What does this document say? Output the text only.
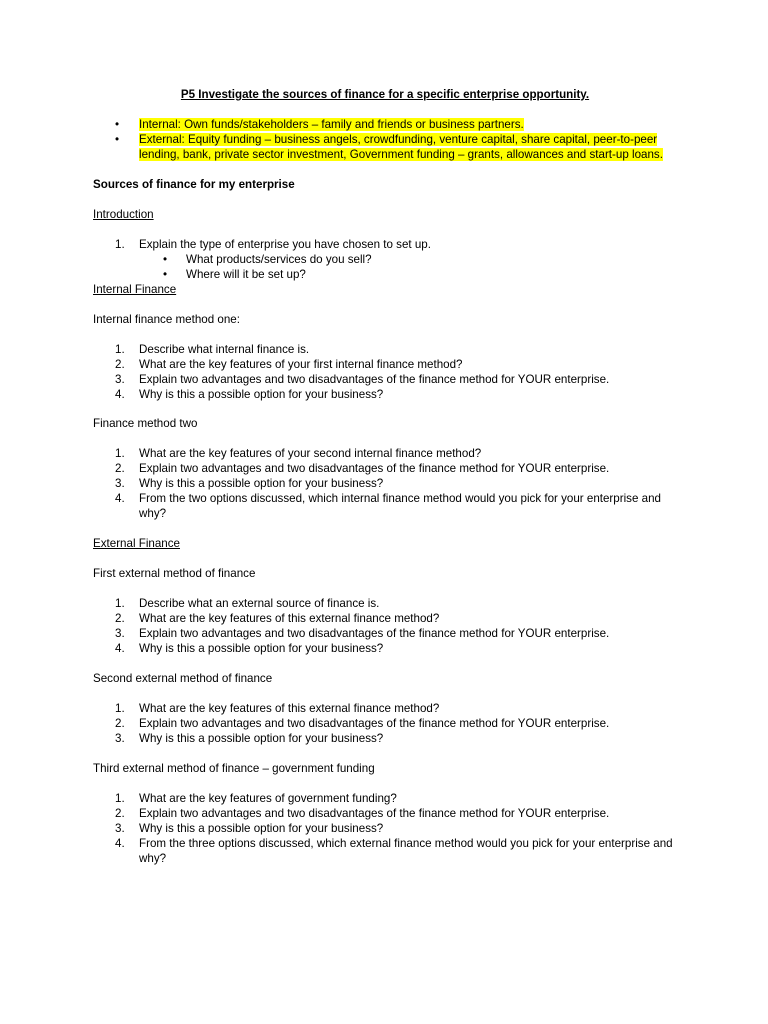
P5 Investigate the sources of finance for a specific enterprise opportunity.

• Internal: Own funds/stakeholders – family and friends or business partners.
• External: Equity funding – business angels, crowdfunding, venture capital, share capital, peer-to-peer lending, bank, private sector investment, Government funding – grants, allowances and start-up loans.

Sources of finance for my enterprise

Introduction

1. Explain the type of enterprise you have chosen to set up.
• What products/services do you sell?
• Where will it be set up?

Internal Finance

Internal finance method one:

1. Describe what internal finance is.
2. What are the key features of your first internal finance method?
3. Explain two advantages and two disadvantages of the finance method for YOUR enterprise.
4. Why is this a possible option for your business?

Finance method two

1. What are the key features of your second internal finance method?
2. Explain two advantages and two disadvantages of the finance method for YOUR enterprise.
3. Why is this a possible option for your business?
4. From the two options discussed, which internal finance method would you pick for your enterprise and why?

External Finance

First external method of finance

1. Describe what an external source of finance is.
2. What are the key features of this external finance method?
3. Explain two advantages and two disadvantages of the finance method for YOUR enterprise.
4. Why is this a possible option for your business?

Second external method of finance

1. What are the key features of this external finance method?
2. Explain two advantages and two disadvantages of the finance method for YOUR enterprise.
3. Why is this a possible option for your business?

Third external method of finance – government funding

1. What are the key features of government funding?
2. Explain two advantages and two disadvantages of the finance method for YOUR enterprise.
3. Why is this a possible option for your business?
4. From the three options discussed, which external finance method would you pick for your enterprise and why?
